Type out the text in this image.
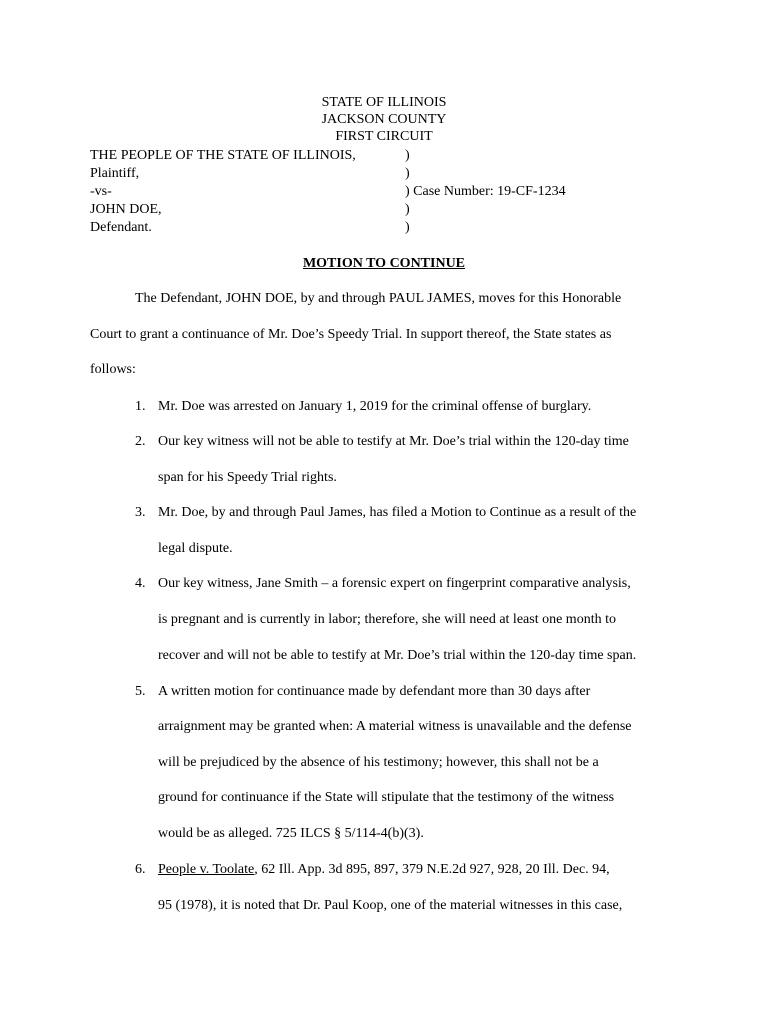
STATE OF ILLINOIS
JACKSON COUNTY
FIRST CIRCUIT
THE PEOPLE OF THE STATE OF ILLINOIS,
Plaintiff,
-vs-
JOHN DOE,
Defendant.
)
)
) Case Number: 19-CF-1234
)
)
MOTION TO CONTINUE
The Defendant, JOHN DOE, by and through PAUL JAMES, moves for this Honorable
Court to grant a continuance of Mr. Doe’s Speedy Trial. In support thereof, the State states as
follows:
1. Mr. Doe was arrested on January 1, 2019 for the criminal offense of burglary.
2. Our key witness will not be able to testify at Mr. Doe’s trial within the 120-day time
span for his Speedy Trial rights.
3. Mr. Doe, by and through Paul James, has filed a Motion to Continue as a result of the
legal dispute.
4. Our key witness, Jane Smith – a forensic expert on fingerprint comparative analysis,
is pregnant and is currently in labor; therefore, she will need at least one month to
recover and will not be able to testify at Mr. Doe’s trial within the 120-day time span.
5. A written motion for continuance made by defendant more than 30 days after
arraignment may be granted when: A material witness is unavailable and the defense
will be prejudiced by the absence of his testimony; however, this shall not be a
ground for continuance if the State will stipulate that the testimony of the witness
would be as alleged. 725 ILCS § 5/114-4(b)(3).
6. People v. Toolate, 62 Ill. App. 3d 895, 897, 379 N.E.2d 927, 928, 20 Ill. Dec. 94,
95 (1978), it is noted that Dr. Paul Koop, one of the material witnesses in this case,
